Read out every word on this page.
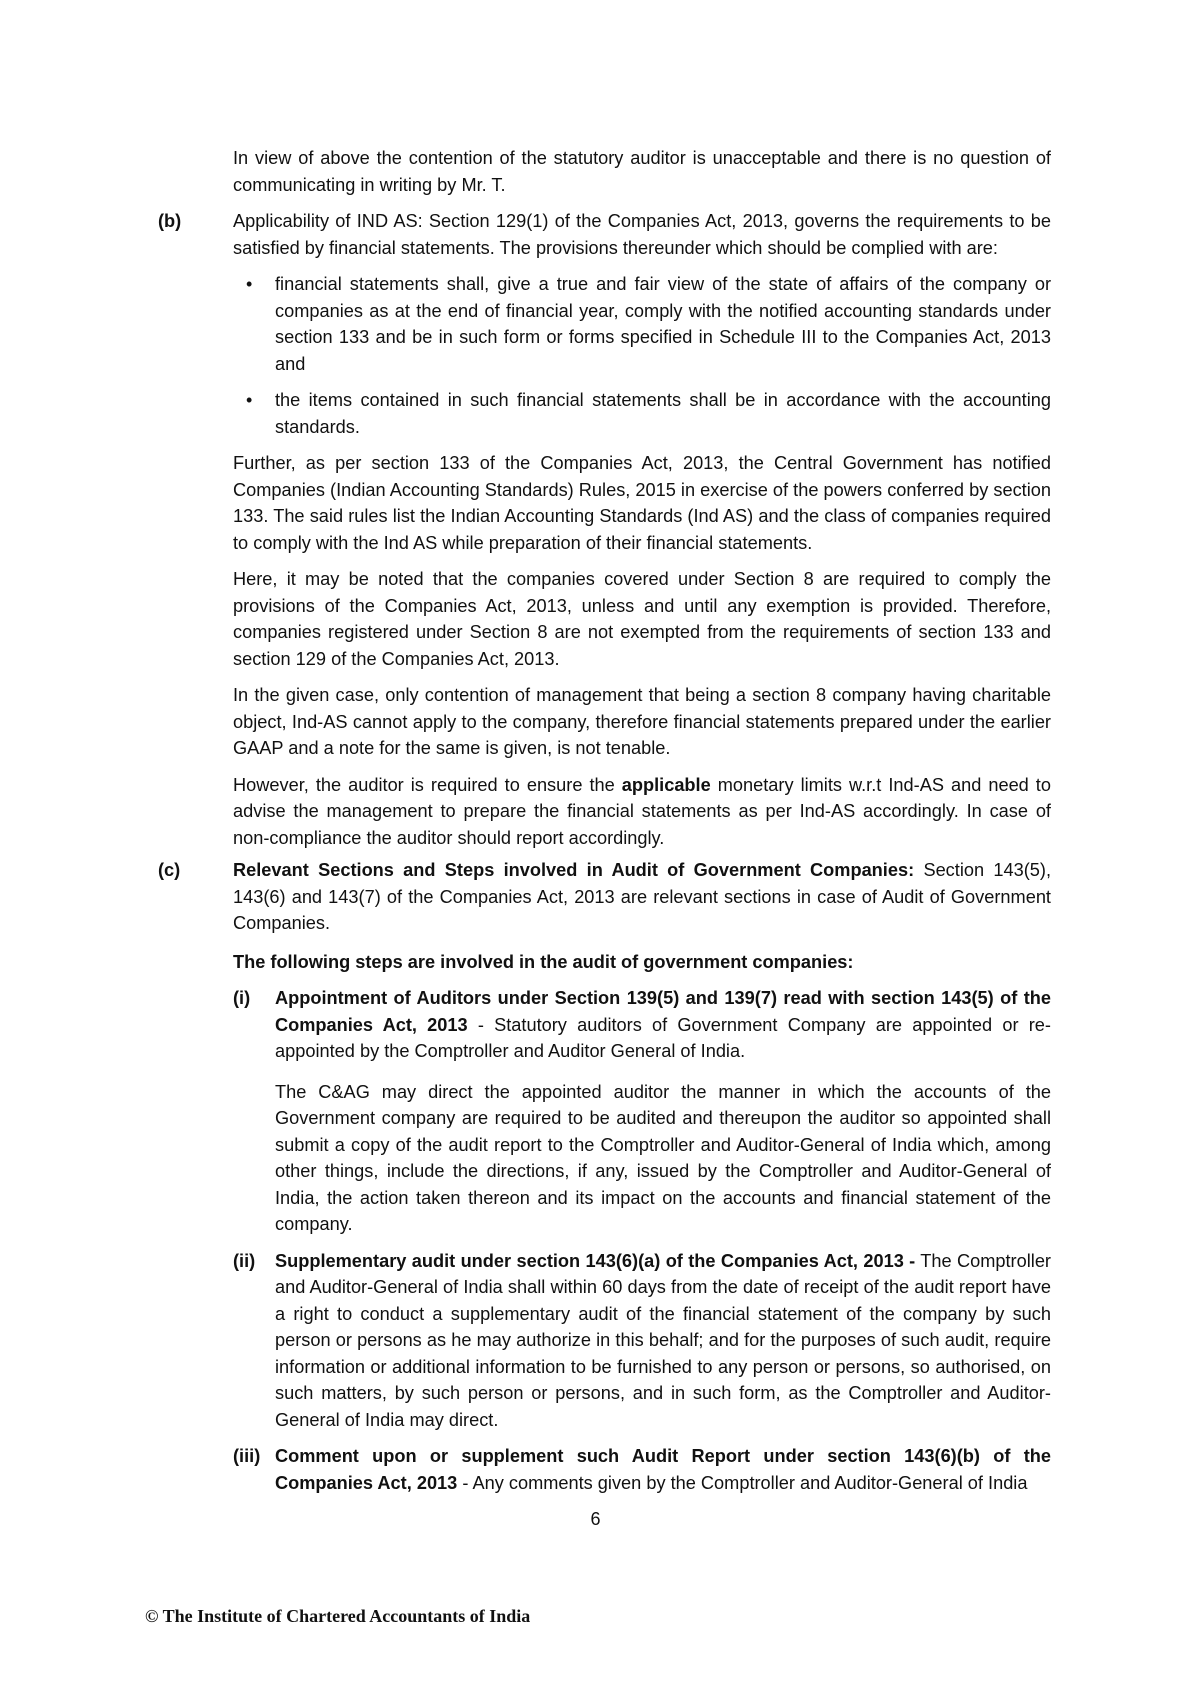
In view of above the contention of the statutory auditor is unacceptable and there is no question of communicating in writing by Mr. T.

(b)	Applicability of IND AS: Section 129(1) of the Companies Act, 2013, governs the requirements to be satisfied by financial statements. The provisions thereunder which should be complied with are:

• financial statements shall, give a true and fair view of the state of affairs of the company or companies as at the end of financial year, comply with the notified accounting standards under section 133 and be in such form or forms specified in Schedule III to the Companies Act, 2013 and
• the items contained in such financial statements shall be in accordance with the accounting standards.

Further, as per section 133 of the Companies Act, 2013, the Central Government has notified Companies (Indian Accounting Standards) Rules, 2015 in exercise of the powers conferred by section 133. The said rules list the Indian Accounting Standards (Ind AS) and the class of companies required to comply with the Ind AS while preparation of their financial statements.

Here, it may be noted that the companies covered under Section 8 are required to comply the provisions of the Companies Act, 2013, unless and until any exemption is provided. Therefore, companies registered under Section 8 are not exempted from the requirements of section 133 and section 129 of the Companies Act, 2013.

In the given case, only contention of management that being a section 8 company having charitable object, Ind-AS cannot apply to the company, therefore financial statements prepared under the earlier GAAP and a note for the same is given, is not tenable.

However, the auditor is required to ensure the applicable monetary limits w.r.t Ind-AS and need to advise the management to prepare the financial statements as per Ind-AS accordingly. In case of non-compliance the auditor should report accordingly.

(c)	Relevant Sections and Steps involved in Audit of Government Companies: Section 143(5), 143(6) and 143(7) of the Companies Act, 2013 are relevant sections in case of Audit of Government Companies.

The following steps are involved in the audit of government companies:

(i) Appointment of Auditors under Section 139(5) and 139(7) read with section 143(5) of the Companies Act, 2013 - Statutory auditors of Government Company are appointed or re-appointed by the Comptroller and Auditor General of India.

The C&AG may direct the appointed auditor the manner in which the accounts of the Government company are required to be audited and thereupon the auditor so appointed shall submit a copy of the audit report to the Comptroller and Auditor-General of India which, among other things, include the directions, if any, issued by the Comptroller and Auditor-General of India, the action taken thereon and its impact on the accounts and financial statement of the company.

(ii) Supplementary audit under section 143(6)(a) of the Companies Act, 2013 - The Comptroller and Auditor-General of India shall within 60 days from the date of receipt of the audit report have a right to conduct a supplementary audit of the financial statement of the company by such person or persons as he may authorize in this behalf; and for the purposes of such audit, require information or additional information to be furnished to any person or persons, so authorised, on such matters, by such person or persons, and in such form, as the Comptroller and Auditor-General of India may direct.

(iii) Comment upon or supplement such Audit Report under section 143(6)(b) of the Companies Act, 2013 - Any comments given by the Comptroller and Auditor-General of India

6
© The Institute of Chartered Accountants of India
